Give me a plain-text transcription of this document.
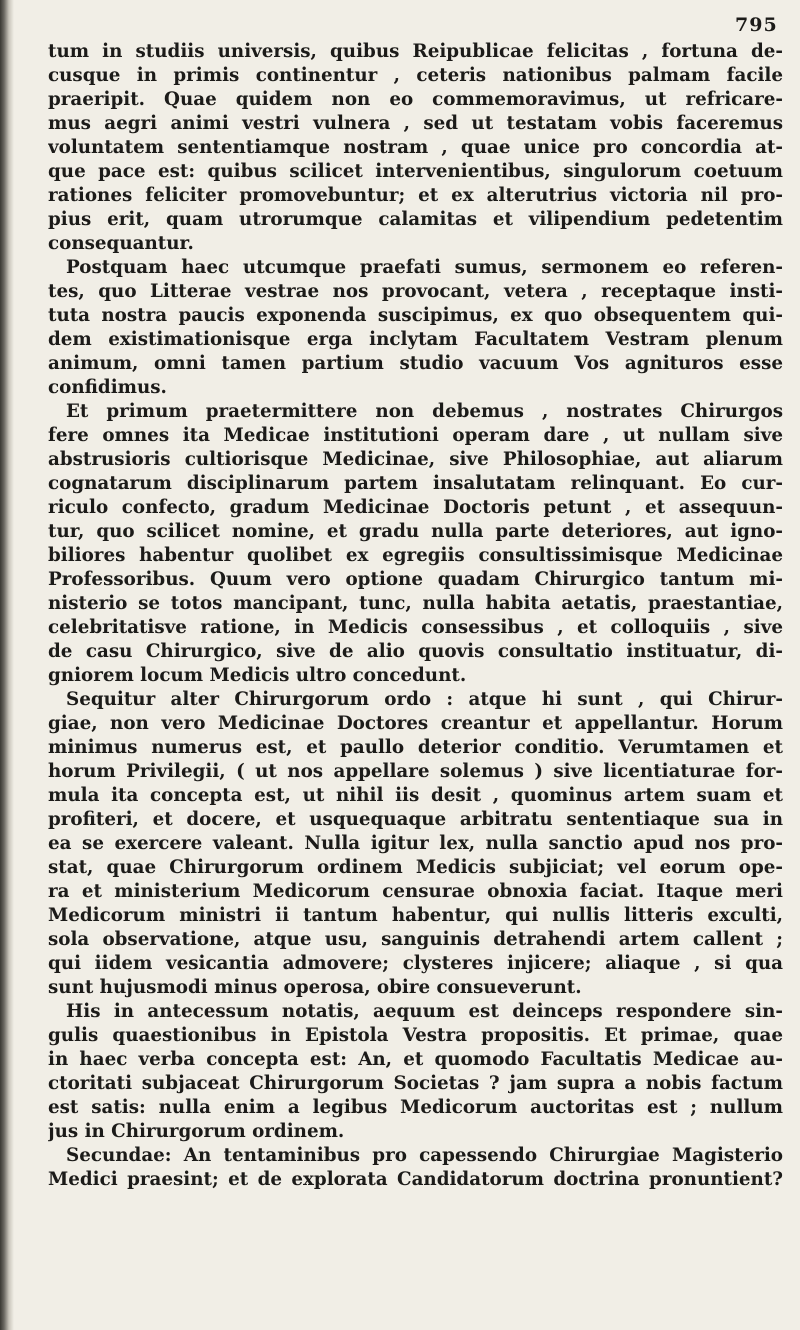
795
tum in studiis universis, quibus Reipublicae felicitas , fortuna de-
cusque in primis continentur , ceteris nationibus palmam facile
praeripit. Quae quidem non eo commemoravimus, ut refricare-
mus aegri animi vestri vulnera , sed ut testatam vobis faceremus
voluntatem sententiamque nostram , quae unice pro concordia at-
que pace est: quibus scilicet intervenientibus, singulorum coetuum
rationes feliciter promovebuntur; et ex alterutrius victoria nil pro-
pius erit, quam utrorumque calamitas et vilipendium pedetentim
consequantur.
Postquam haec utcumque praefati sumus, sermonem eo referen-
tes, quo Litterae vestrae nos provocant, vetera , receptaque insti-
tuta nostra paucis exponenda suscipimus, ex quo obsequentem qui-
dem existimationisque erga inclytam Facultatem Vestram plenum
animum, omni tamen partium studio vacuum Vos agnituros esse
confidimus.
Et primum praetermittere non debemus , nostrates Chirurgos
fere omnes ita Medicae institutioni operam dare , ut nullam sive
abstrusioris cultiorisque Medicinae, sive Philosophiae, aut aliarum
cognatarum disciplinarum partem insalutatam relinquant. Eo cur-
riculo confecto, gradum Medicinae Doctoris petunt , et assequun-
tur, quo scilicet nomine, et gradu nulla parte deteriores, aut igno-
biliores habentur quolibet ex egregiis consultissimisque Medicinae
Professoribus. Quum vero optione quadam Chirurgico tantum mi-
nisterio se totos mancipant, tunc, nulla habita aetatis, praestantiae,
celebritatisve ratione, in Medicis consessibus , et colloquiis , sive
de casu Chirurgico, sive de alio quovis consultatio instituatur, di-
gniorem locum Medicis ultro concedunt.
Sequitur alter Chirurgorum ordo : atque hi sunt , qui Chirur-
giae, non vero Medicinae Doctores creantur et appellantur. Horum
minimus numerus est, et paullo deterior conditio. Verumtamen et
horum Privilegii, ( ut nos appellare solemus ) sive licentiaturae for-
mula ita concepta est, ut nihil iis desit , quominus artem suam et
profiteri, et docere, et usquequaque arbitratu sententiaque sua in
ea se exercere valeant. Nulla igitur lex, nulla sanctio apud nos pro-
stat, quae Chirurgorum ordinem Medicis subjiciat; vel eorum ope-
ra et ministerium Medicorum censurae obnoxia faciat. Itaque meri
Medicorum ministri ii tantum habentur, qui nullis litteris exculti,
sola observatione, atque usu, sanguinis detrahendi artem callent ;
qui iidem vesicantia admovere; clysteres injicere; aliaque , si qua
sunt hujusmodi minus operosa, obire consueverunt.
His in antecessum notatis, aequum est deinceps respondere sin-
gulis quaestionibus in Epistola Vestra propositis. Et primae, quae
in haec verba concepta est: An, et quomodo Facultatis Medicae au-
ctoritati subjaceat Chirurgorum Societas ? jam supra a nobis factum
est satis: nulla enim a legibus Medicorum auctoritas est ; nullum
jus in Chirurgorum ordinem.
Secundae: An tentaminibus pro capessendo Chirurgiae Magisterio
Medici praesint; et de explorata Candidatorum doctrina pronuntient?
